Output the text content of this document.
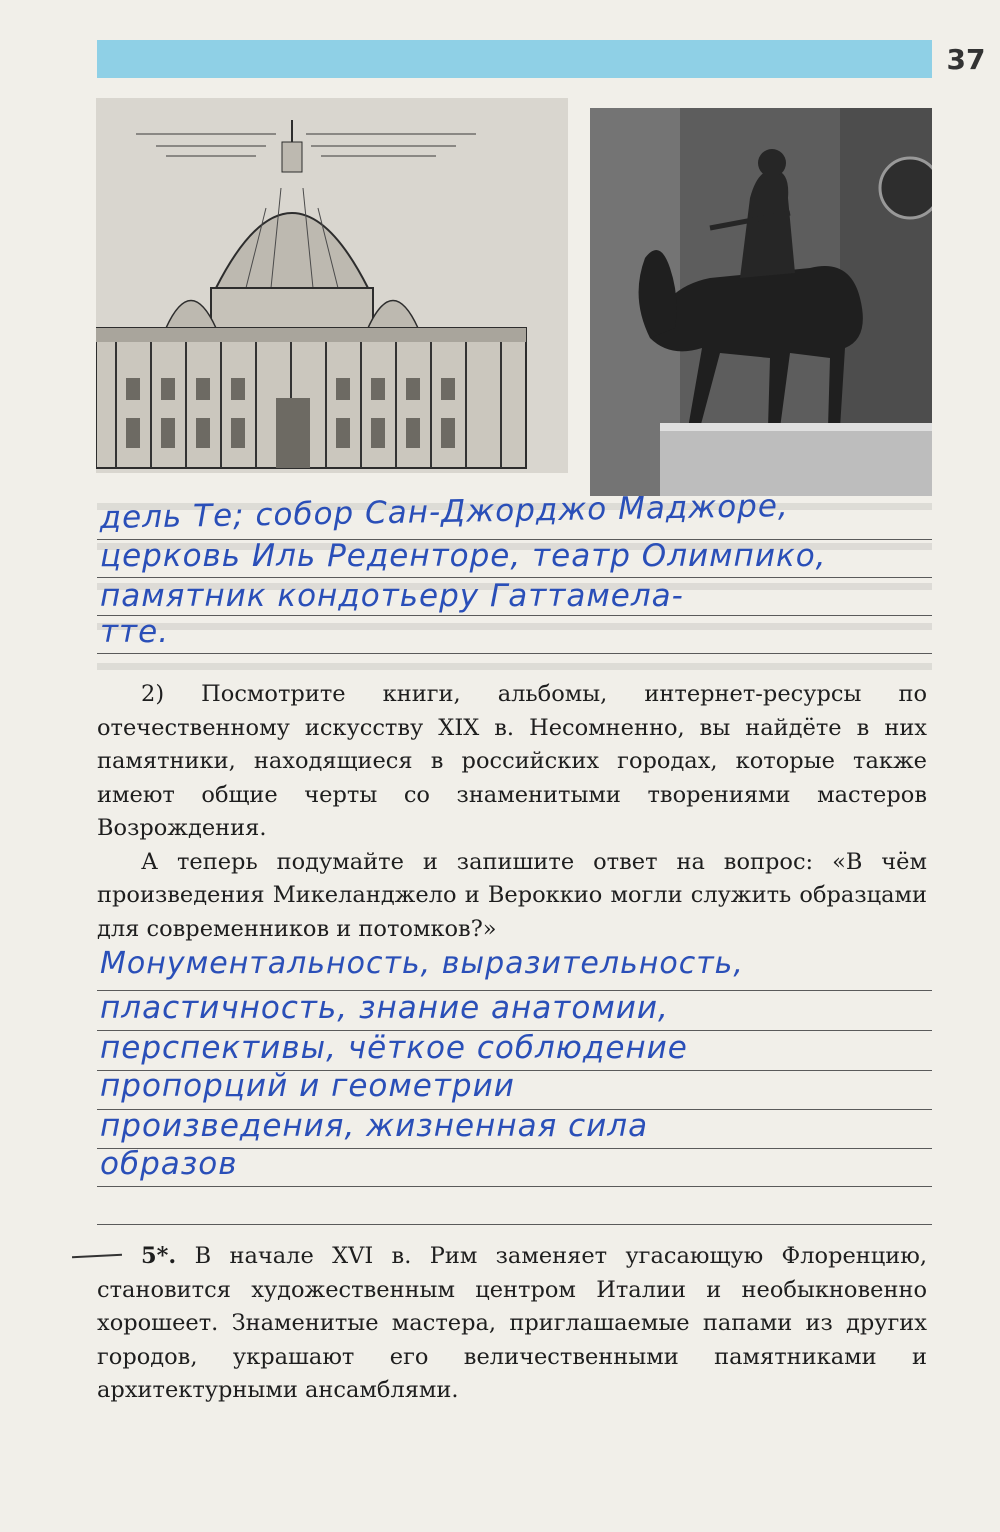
37
дель Те; собор Сан-Джорджо Маджоре,
церковь Иль Реденторе, театр Олимпико,
памятник кондотьеру Гаттамела-
тте.

2) Посмотрите книги, альбомы, интернет-ресурсы по отечественному искусству XIX в. Несомненно, вы найдёте в них памятники, находящиеся в российских городах, которые также имеют общие черты со знаменитыми творениями мастеров Возрождения.

А теперь подумайте и запишите ответ на вопрос: «В чём произведения Микеланджело и Вероккио могли служить образцами для современников и потомков?»

Монументальность, выразительность,
пластичность, знание анатомии,
перспективы, чёткое соблюдение
пропорций и геометрии
произведения, жизненная сила
образов

5*. В начале XVI в. Рим заменяет угасающую Флоренцию, становится художественным центром Италии и необыкновенно хорошеет. Знаменитые мастера, приглашаемые папами из других городов, украшают его величественными памятниками и архитектурными ансамблями.
